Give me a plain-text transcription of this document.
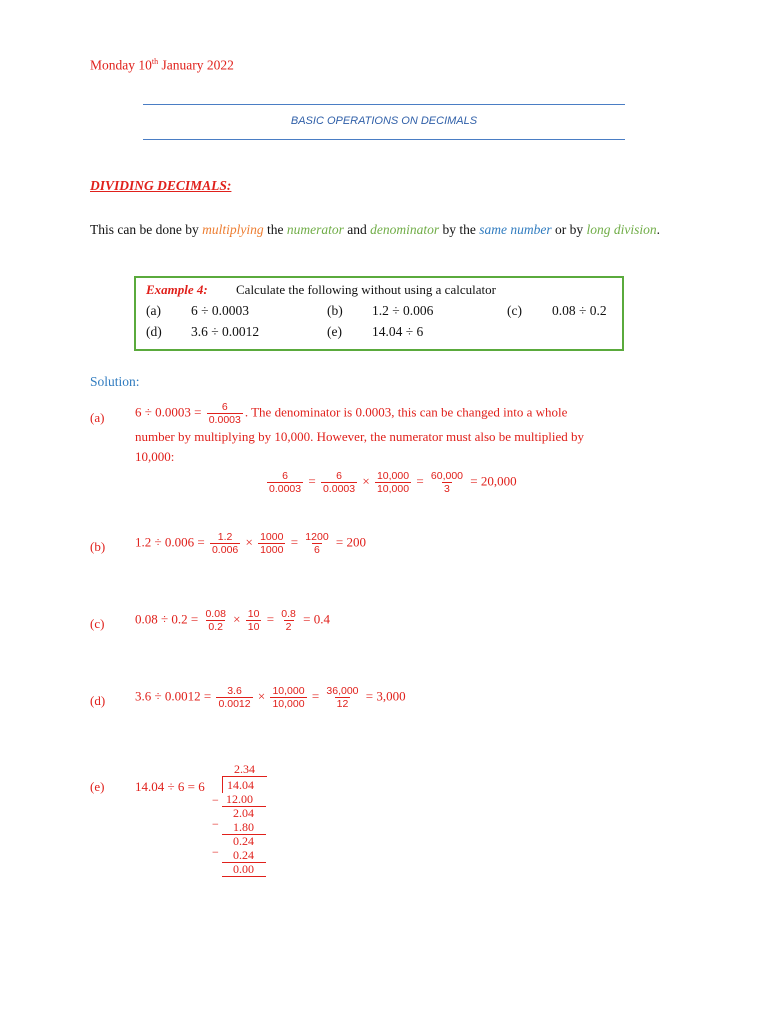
Monday 10th January 2022
BASIC OPERATIONS ON DECIMALS
DIVIDING DECIMALS:
This can be done by multiplying the numerator and denominator by the same number or by long division.
Example 4: Calculate the following without using a calculator
(a) 6 ÷ 0.0003	(b) 1.2 ÷ 0.006	(c) 0.08 ÷ 0.2
(d) 3.6 ÷ 0.0012	(e) 14.04 ÷ 6
Solution:
(a) $6 \div 0.0003 = \frac{6}{0.0003}$ . The denominator is 0.0003, this can be changed into a whole
number by multiplying by 10,000. However, the numerator must also be multiplied by
10,000:
$\frac{6}{0.0003} = \frac{6}{0.0003} \times \frac{10,000}{10,000} = \frac{60,000}{3} = 20,000$
(b) $1.2 \div 0.006 = \frac{1.2}{0.006} \times \frac{1000}{1000} = \frac{1200}{6} = 200$
(c) $0.08 \div 0.2 = \frac{0.08}{0.2} \times \frac{10}{10} = \frac{0.8}{2} = 0.4$
(d) $3.6 \div 0.0012 = \frac{3.6}{0.0012} \times \frac{10,000}{10,000} = \frac{36,000}{12} = 3,000$
(e) 14.04 ÷ 6 = 6
2.34
14.04
− 12.00
2.04
− 1.80
0.24
− 0.24
0.00
